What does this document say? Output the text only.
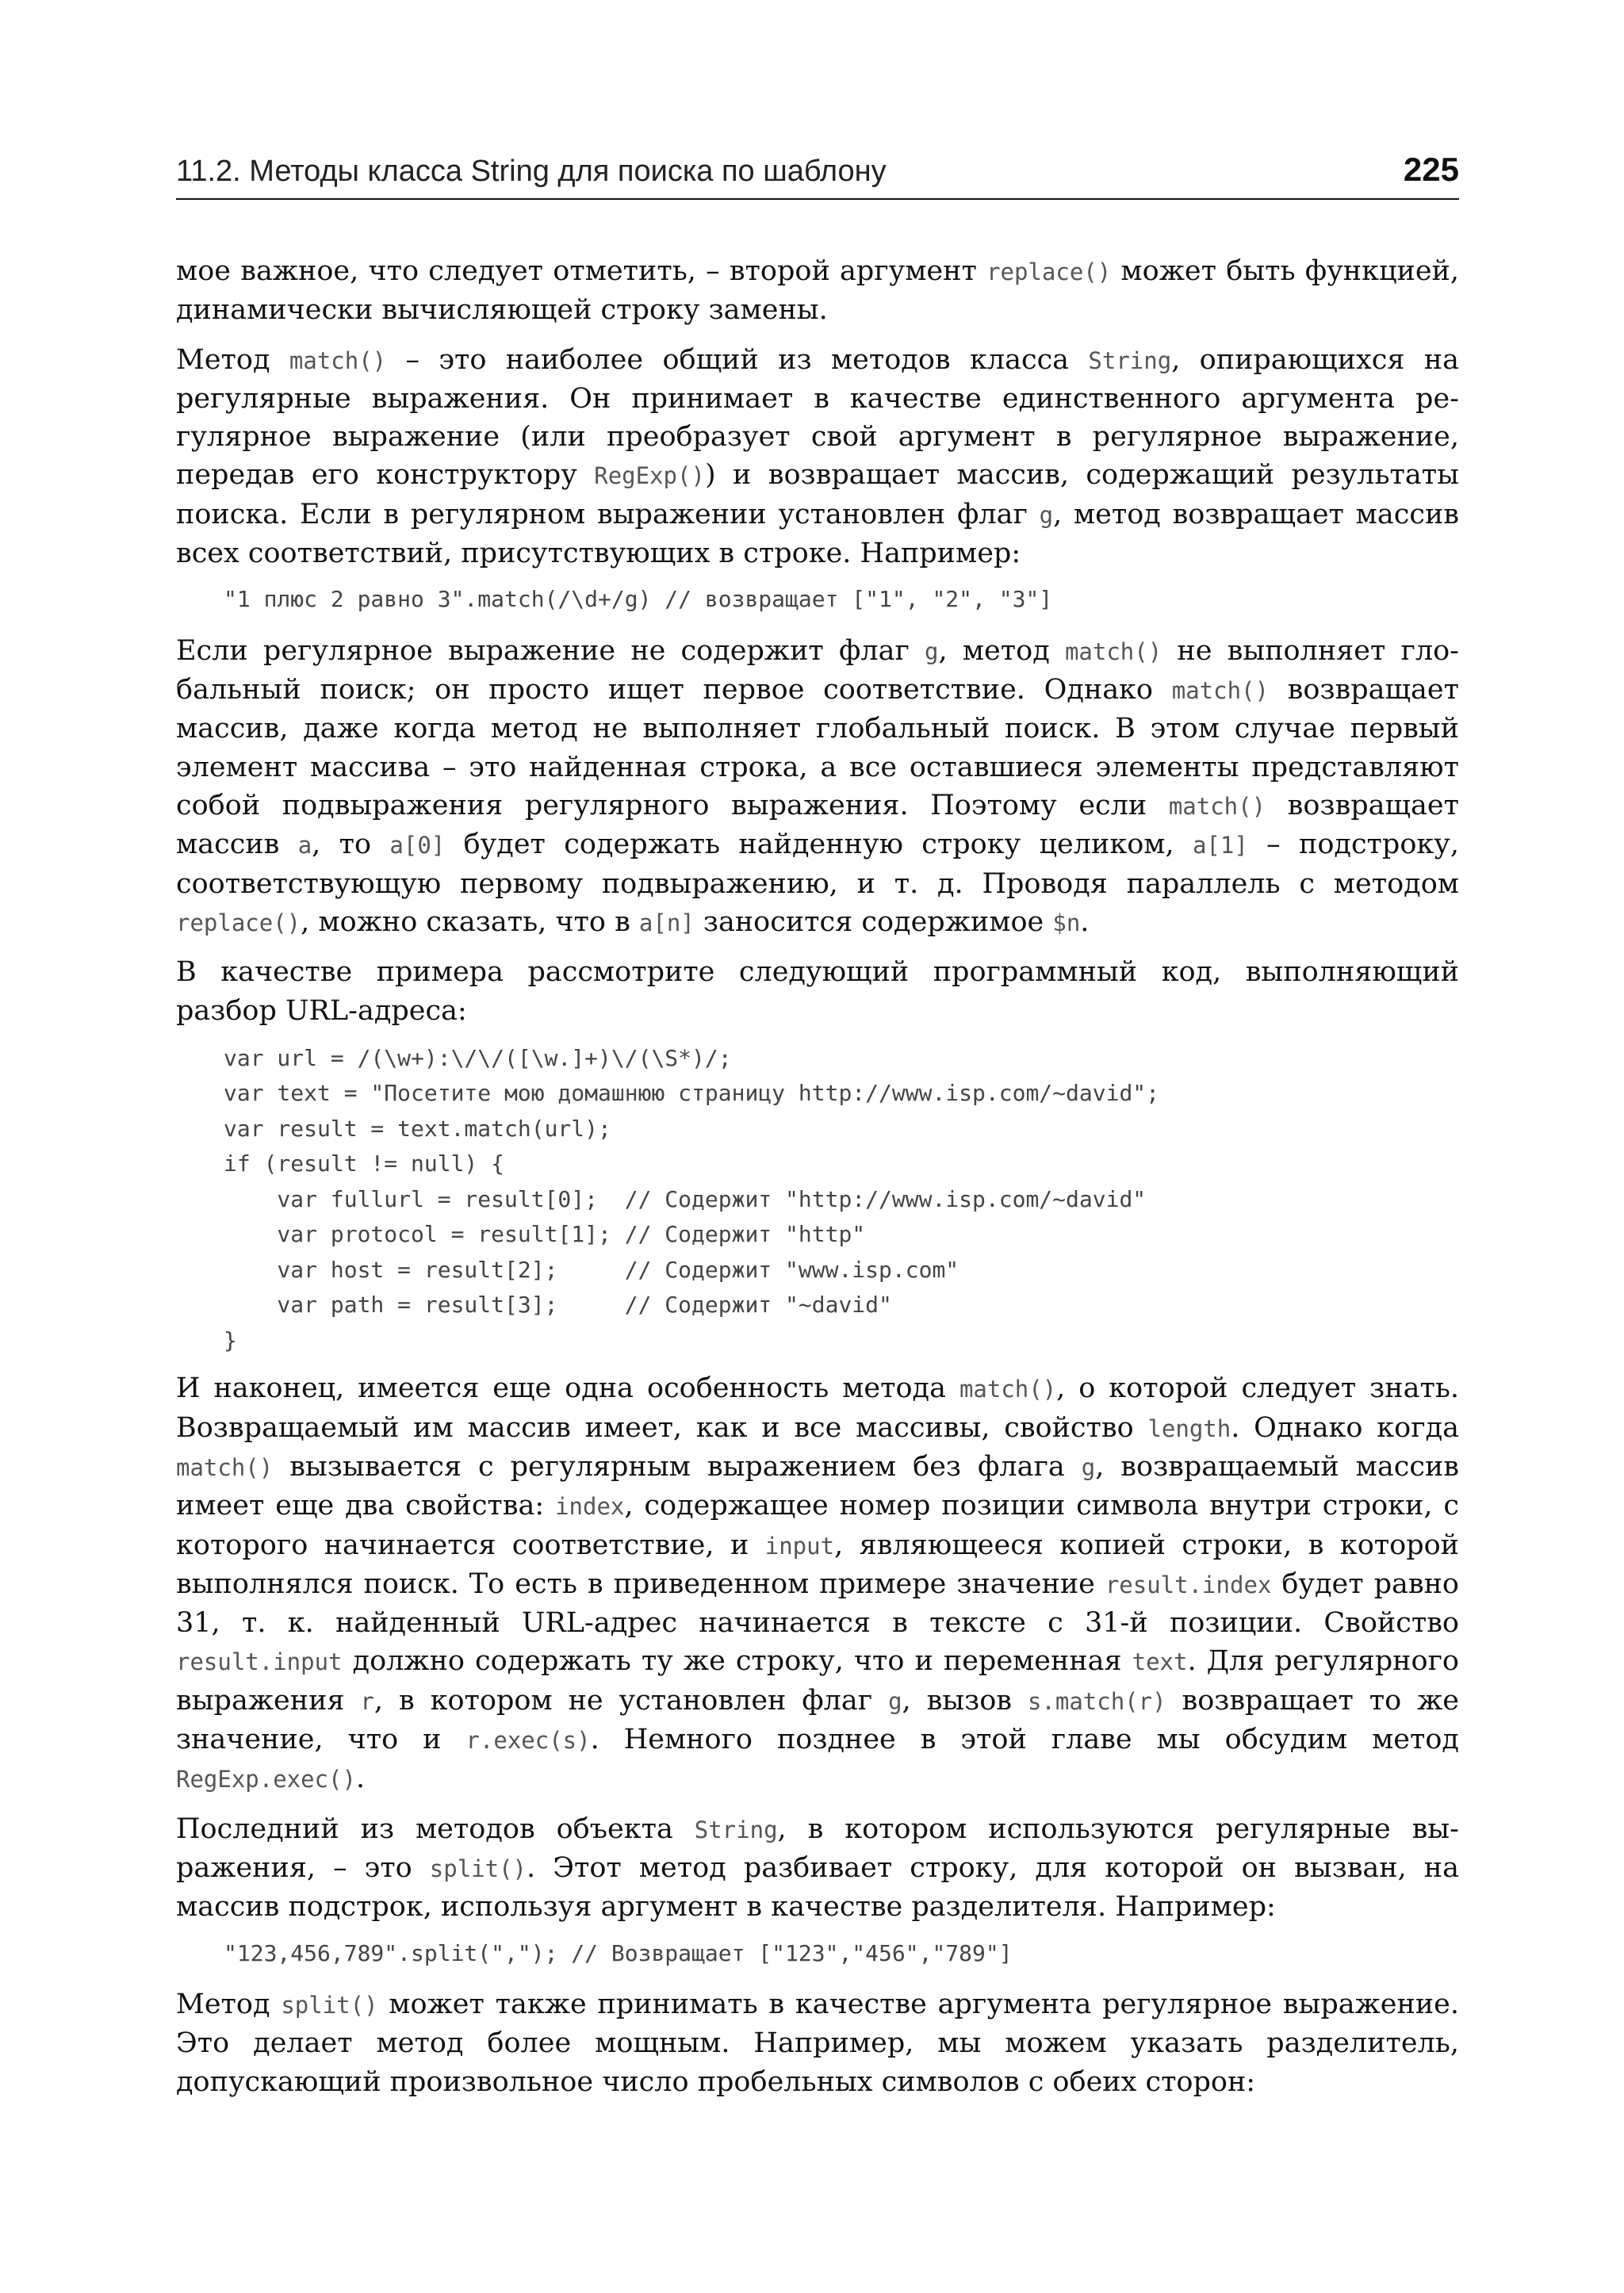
11.2. Методы класса String для поиска по шаблону	225

мое важное, что следует отметить, – второй аргумент replace() может быть функцией, динамически вычисляющей строку замены.

Метод match() – это наиболее общий из методов класса String, опирающихся на регулярные выражения. Он принимает в качестве единственного аргумента регулярное выражение (или преобразует свой аргумент в регулярное выражение, передав его конструктору RegExp()) и возвращает массив, содержащий результаты поиска. Если в регулярном выражении установлен флаг g, метод возвращает массив всех соответствий, присутствующих в строке. Например:

"1 плюс 2 равно 3".match(/\d+/g) // возвращает ["1", "2", "3"]

Если регулярное выражение не содержит флаг g, метод match() не выполняет глобальный поиск; он просто ищет первое соответствие. Однако match() возвращает массив, даже когда метод не выполняет глобальный поиск. В этом случае первый элемент массива – это найденная строка, а все оставшиеся элементы представляют собой подвыражения регулярного выражения. Поэтому если match() возвращает массив a, то a[0] будет содержать найденную строку целиком, a[1] – подстроку, соответствующую первому подвыражению, и т. д. Проводя параллель с методом replace(), можно сказать, что в a[n] заносится содержимое $n.

В качестве примера рассмотрите следующий программный код, выполняющий разбор URL-адреса:

var url = /(\w+):\/\/([\w.]+)\/(\S*)/;
var text = "Посетите мою домашнюю страницу http://www.isp.com/~david";
var result = text.match(url);
if (result != null) {
var fullurl = result[0];  // Содержит "http://www.isp.com/~david"
var protocol = result[1]; // Содержит "http"
var host = result[2];     // Содержит "www.isp.com"
var path = result[3];     // Содержит "~david"
}

И наконец, имеется еще одна особенность метода match(), о которой следует знать. Возвращаемый им массив имеет, как и все массивы, свойство length. Однако когда match() вызывается с регулярным выражением без флага g, возвращаемый массив имеет еще два свойства: index, содержащее номер позиции символа внутри строки, с которого начинается соответствие, и input, являющееся копией строки, в которой выполнялся поиск. То есть в приведенном примере значение result.index будет равно 31, т. к. найденный URL-адрес начинается в тексте с 31-й позиции. Свойство result.input должно содержать ту же строку, что и переменная text. Для регулярного выражения r, в котором не установлен флаг g, вызов s.match(r) возвращает то же значение, что и r.exec(s). Немного позднее в этой главе мы обсудим метод RegExp.exec().

Последний из методов объекта String, в котором используются регулярные выражения, – это split(). Этот метод разбивает строку, для которой он вызван, на массив подстрок, используя аргумент в качестве разделителя. Например:

"123,456,789".split(","); // Возвращает ["123","456","789"]

Метод split() может также принимать в качестве аргумента регулярное выражение. Это делает метод более мощным. Например, мы можем указать разделитель, допускающий произвольное число пробельных символов с обеих сторон:
